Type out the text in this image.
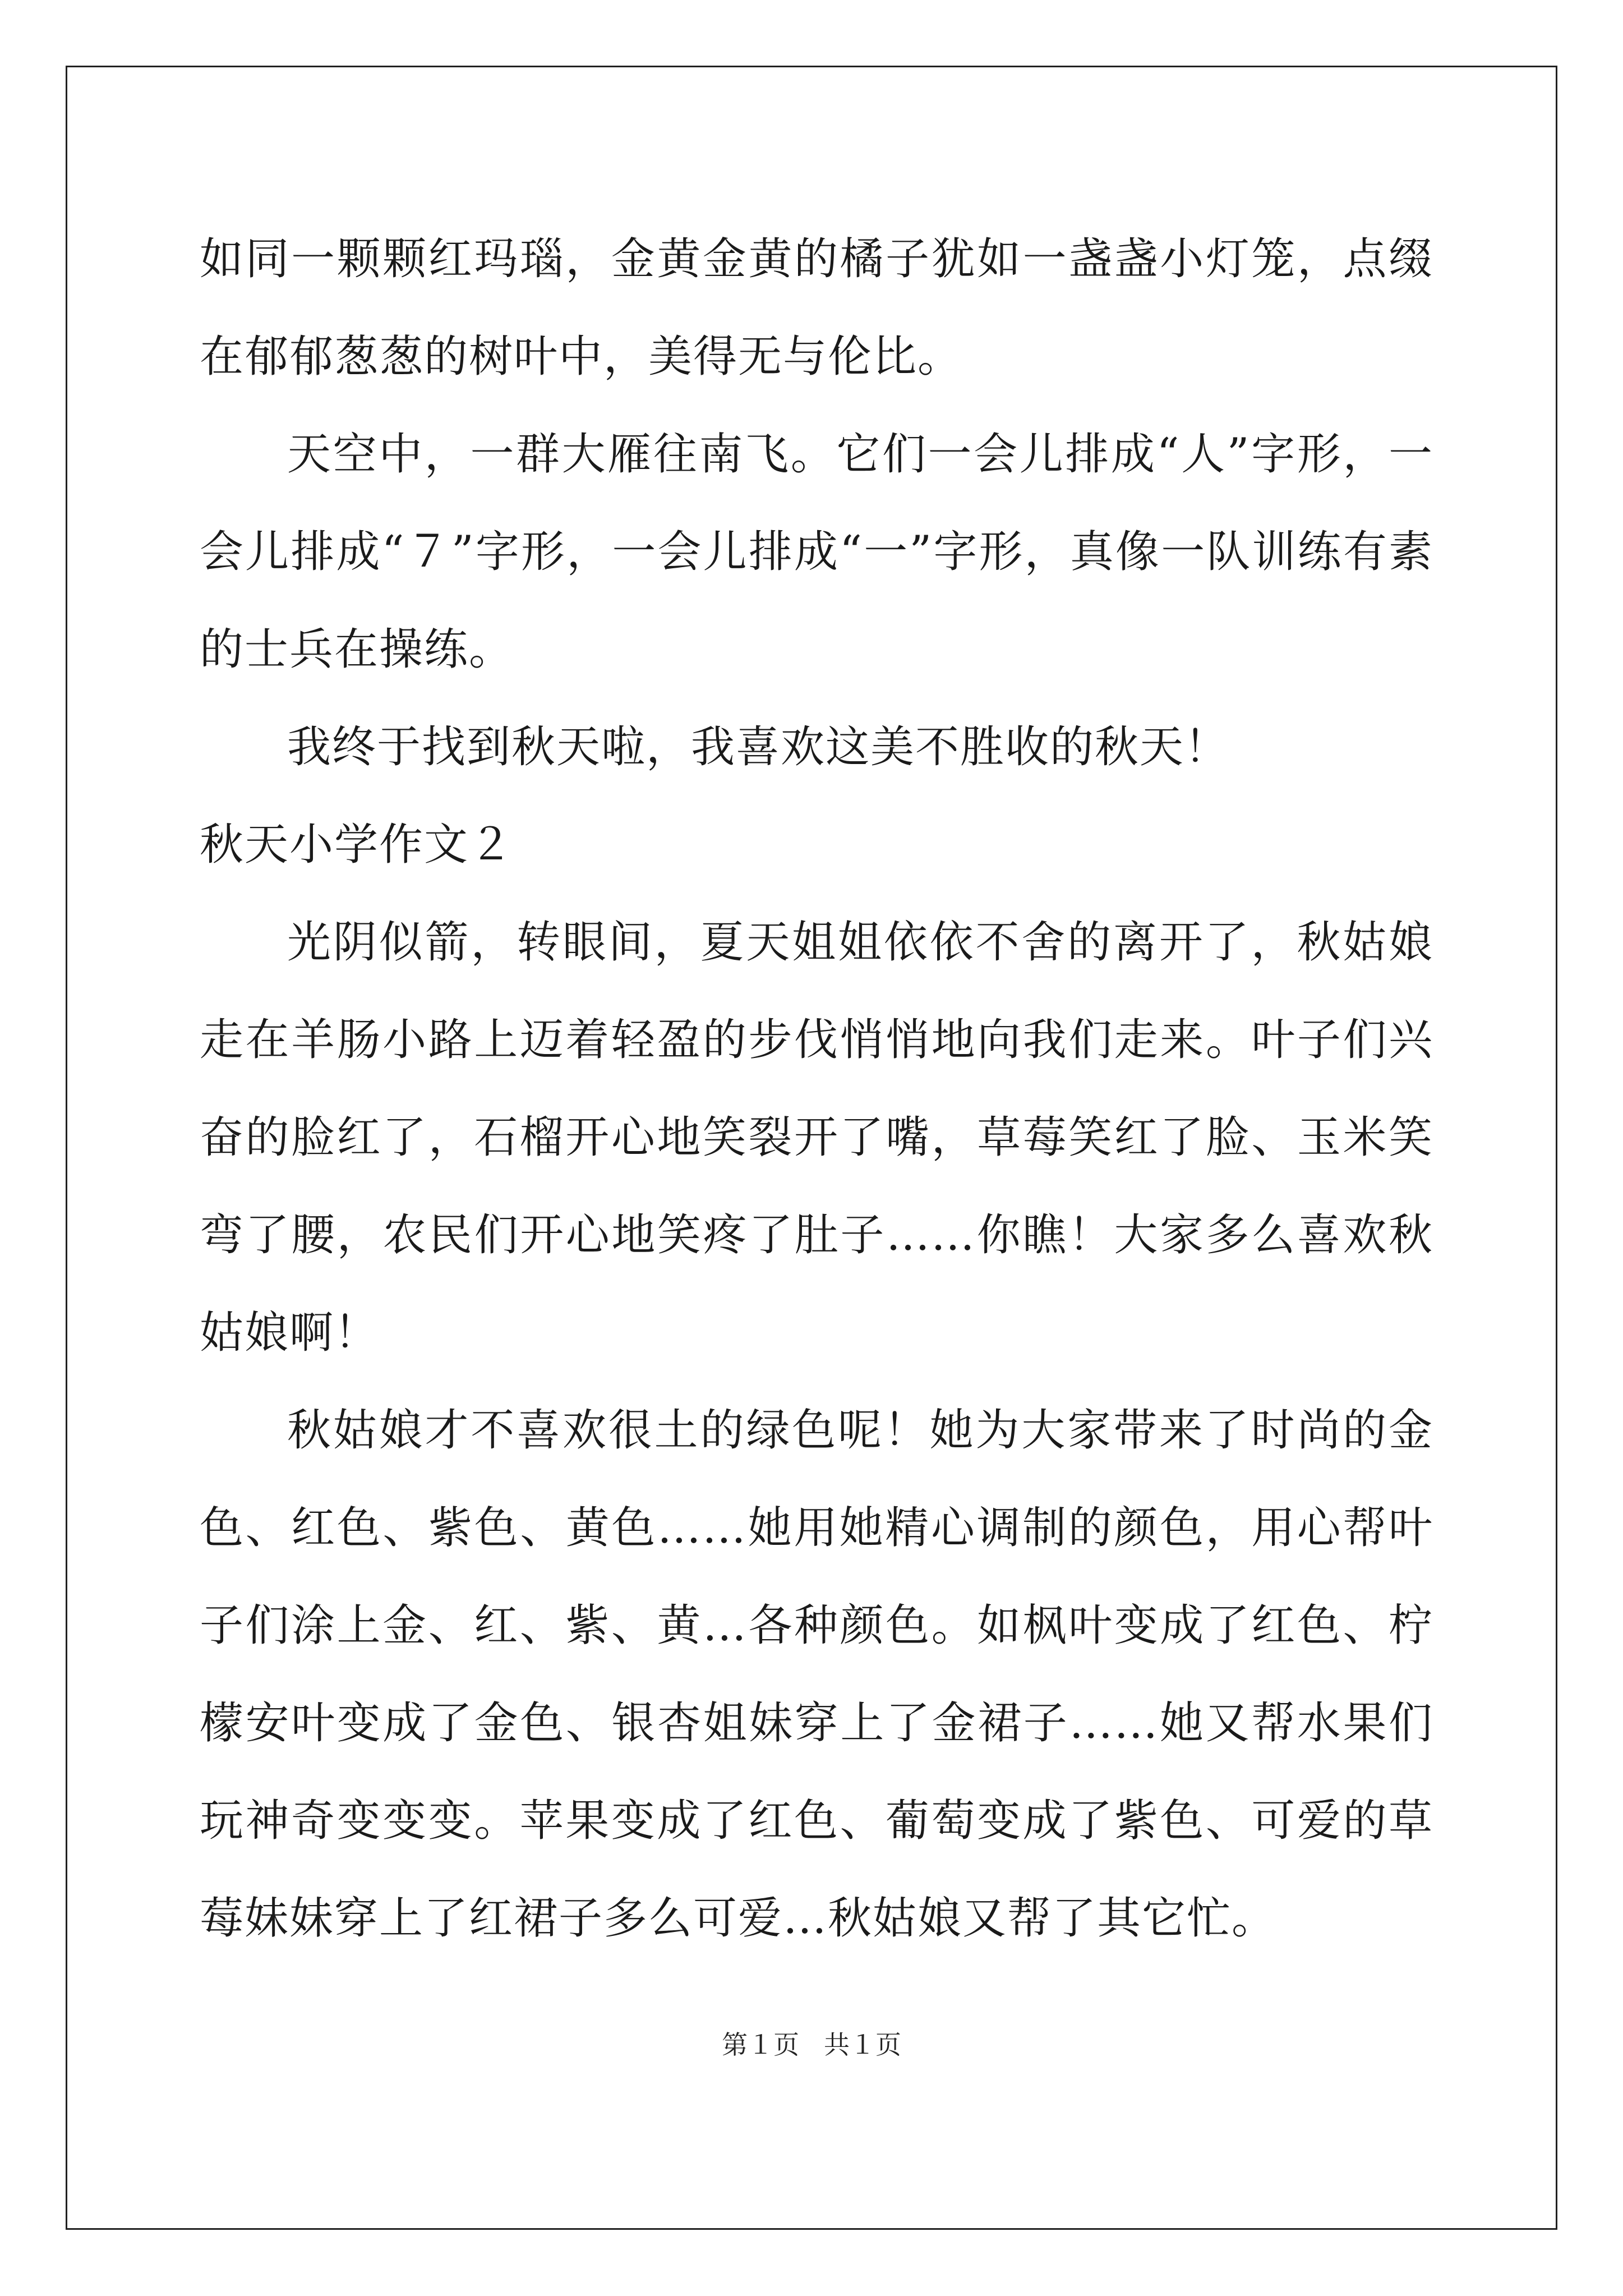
如同一颗颗红玛瑙，金黄金黄的橘子犹如一盏盏小灯笼，点缀在郁郁葱葱的树叶中，美得无与伦比。

天空中，一群大雁往南飞。它们一会儿排成“人”字形，一会儿排成“７”字形，一会儿排成“一”字形，真像一队训练有素的士兵在操练。

我终于找到秋天啦，我喜欢这美不胜收的秋天！

秋天小学作文２

光阴似箭，转眼间，夏天姐姐依依不舍的离开了，秋姑娘走在羊肠小路上迈着轻盈的步伐悄悄地向我们走来。叶子们兴奋的脸红了，石榴开心地笑裂开了嘴，草莓笑红了脸、玉米笑弯了腰，农民们开心地笑疼了肚子……你瞧！大家多么喜欢秋姑娘啊！

秋姑娘才不喜欢很土的绿色呢！她为大家带来了时尚的金色、红色、紫色、黄色……她用她精心调制的颜色，用心帮叶子们涂上金、红、紫、黄…各种颜色。如枫叶变成了红色、柠檬安叶变成了金色、银杏姐妹穿上了金裙子……她又帮水果们玩神奇变变变。苹果变成了红色、葡萄变成了紫色、可爱的草莓妹妹穿上了红裙子多么可爱…秋姑娘又帮了其它忙。

第１页 共１页
